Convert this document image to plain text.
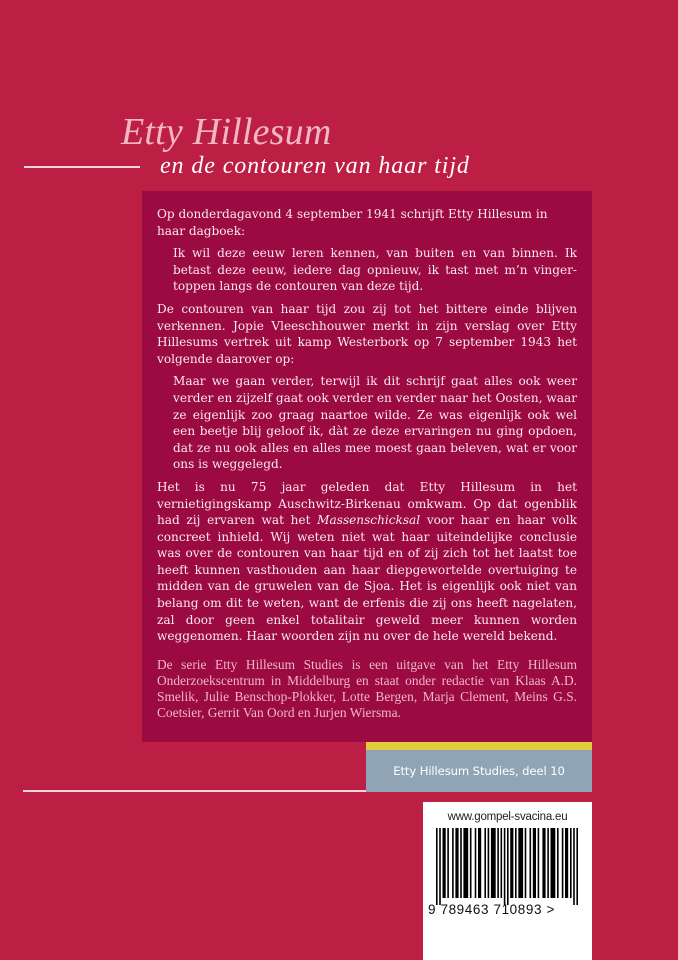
Etty Hillesum
en de contouren van haar tijd

Op donderdagavond 4 september 1941 schrijft Etty Hillesum in haar dagboek:

Ik wil deze eeuw leren kennen, van buiten en van binnen. Ik betast deze eeuw, iedere dag opnieuw, ik tast met m’n vingertoppen langs de contouren van deze tijd.

De contouren van haar tijd zou zij tot het bittere einde blijven verkennen. Jopie Vleeschhouwer merkt in zijn verslag over Etty Hillesums vertrek uit kamp Westerbork op 7 september 1943 het volgende daarover op:

Maar we gaan verder, terwijl ik dit schrijf gaat alles ook weer verder en zijzelf gaat ook verder en verder naar het Oosten, waar ze eigenlijk zoo graag naartoe wilde. Ze was eigenlijk ook wel een beetje blij geloof ik, dàt ze deze ervaringen nu ging opdoen, dat ze nu ook alles en alles mee moest gaan beleven, wat er voor ons is weggelegd.

Het is nu 75 jaar geleden dat Etty Hillesum in het vernietigingskamp Auschwitz-Birkenau omkwam. Op dat ogenblik had zij ervaren wat het Massenschicksal voor haar en haar volk concreet inhield. Wij weten niet wat haar uiteindelijke conclusie was over de contouren van haar tijd en of zij zich tot het laatst toe heeft kunnen vasthouden aan haar diepgewortelde overtuiging te midden van de gruwelen van de Sjoa. Het is eigenlijk ook niet van belang om dit te weten, want de erfenis die zij ons heeft nagelaten, zal door geen enkel totalitair geweld meer kunnen worden weggenomen. Haar woorden zijn nu over de hele wereld bekend.

De serie Etty Hillesum Studies is een uitgave van het Etty Hillesum Onderzoekscentrum in Middelburg en staat onder redactie van Klaas A.D. Smelik, Julie Benschop-Plokker, Lotte Bergen, Marja Clement, Meins G.S. Coetsier, Gerrit Van Oord en Jurjen Wiersma.

Etty Hillesum Studies, deel 10
www.gompel-svacina.eu
9 789463 710893 >
